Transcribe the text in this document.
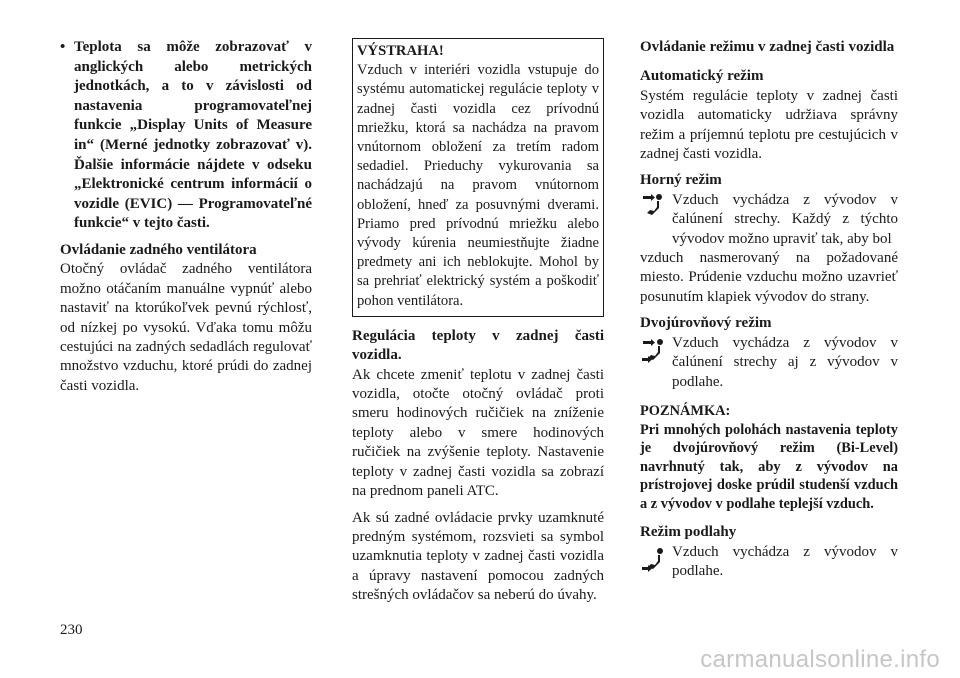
• Teplota sa môže zobrazovať v anglických alebo metrických jednotkách, a to v závislosti od nastavenia programovateľnej funkcie „Display Units of Measure in“ (Merné jednotky zobrazovať v). Ďalšie informácie nájdete v odseku „Elektronické centrum informácií o vozidle (EVIC) — Programovateľné funkcie“ v tejto časti.

Ovládanie zadného ventilátora

Otočný ovládač zadného ventilátora možno otáčaním manuálne vypnúť alebo nastaviť na ktorúkoľvek pevnú rýchlosť, od nízkej po vysokú. Vďaka tomu môžu cestujúci na zadných sedadlách regulovať množstvo vzduchu, ktoré prúdi do zadnej časti vozidla.

VÝSTRAHA!

Vzduch v interiéri vozidla vstupuje do systému automatickej regulácie teploty v zadnej časti vozidla cez prívodnú mriežku, ktorá sa nachádza na pravom vnútornom obložení za tretím radom sedadiel. Prieduchy vykurovania sa nachádzajú na pravom vnútornom obložení, hneď za posuvnými dverami. Priamo pred prívodnú mriežku alebo vývody kúrenia neumiestňujte žiadne predmety ani ich neblokujte. Mohol by sa prehriať elektrický systém a poškodiť pohon ventilátora.

Regulácia teploty v zadnej časti vozidla.

Ak chcete zmeniť teplotu v zadnej časti vozidla, otočte otočný ovládač proti smeru hodinových ručičiek na zníženie teploty alebo v smere hodinových ručičiek na zvýšenie teploty. Nastavenie teploty v zadnej časti vozidla sa zobrazí na prednom paneli ATC.

Ak sú zadné ovládacie prvky uzamknuté predným systémom, rozsvieti sa symbol uzamknutia teploty v zadnej časti vozidla a úpravy nastavení pomocou zadných strešných ovládačov sa neberú do úvahy.

Ovládanie režimu v zadnej časti vozidla

Automatický režim

Systém regulácie teploty v zadnej časti vozidla automaticky udržiava správny režim a príjemnú teplotu pre cestujúcich v zadnej časti vozidla.

Horný režim

Vzduch vychádza z vývodov v čalúnení strechy. Každý z týchto vývodov možno upraviť tak, aby bol

vzduch nasmerovaný na požadované miesto. Prúdenie vzduchu možno uzavrieť posunutím klapiek vývodov do strany.

Dvojúrovňový režim

Vzduch vychádza z vývodov v čalúnení strechy aj z vývodov v podlahe.

POZNÁMKA:

Pri mnohých polohách nastavenia teploty je dvojúrovňový režim (Bi-Level) navrhnutý tak, aby z vývodov na prístrojovej doske prúdil studenší vzduch a z vývodov v podlahe teplejší vzduch.

Režim podlahy

Vzduch vychádza z vývodov v podlahe.

230
carmanualsonline.info
